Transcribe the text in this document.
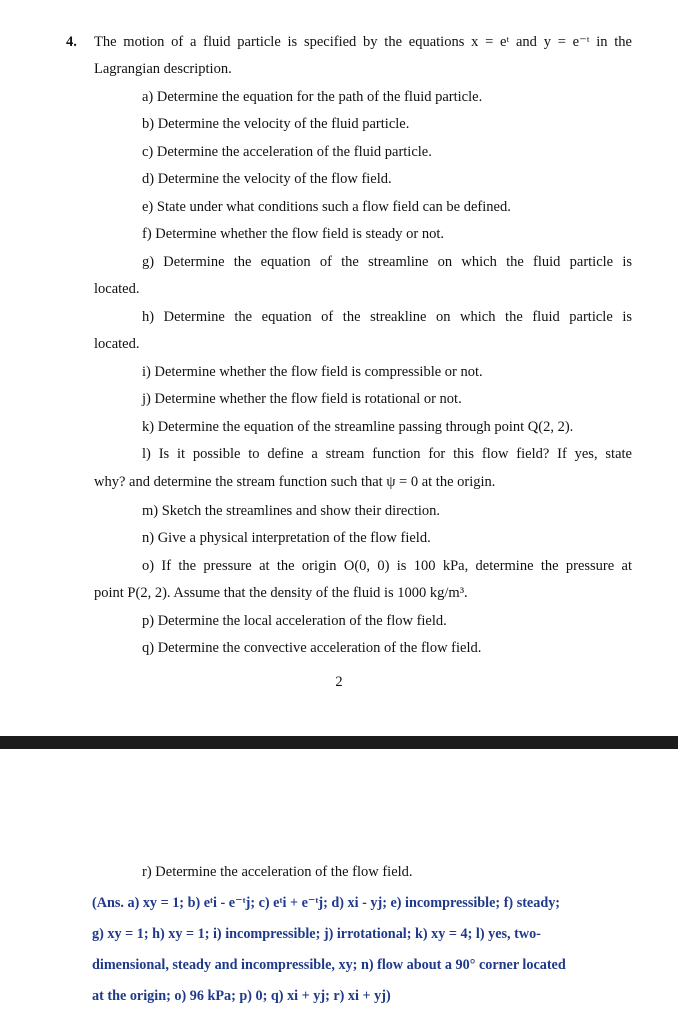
4. The motion of a fluid particle is specified by the equations x = eᵗ and y = e⁻ᵗ in the
Lagrangian description.
a) Determine the equation for the path of the fluid particle.
b) Determine the velocity of the fluid particle.
c) Determine the acceleration of the fluid particle.
d) Determine the velocity of the flow field.
e) State under what conditions such a flow field can be defined.
f) Determine whether the flow field is steady or not.
g) Determine the equation of the streamline on which the fluid particle is
located.
h) Determine the equation of the streakline on which the fluid particle is
located.
i) Determine whether the flow field is compressible or not.
j) Determine whether the flow field is rotational or not.
k) Determine the equation of the streamline passing through point Q(2, 2).
l) Is it possible to define a stream function for this flow field? If yes, state
why? and determine the stream function such that ψ = 0 at the origin.
m) Sketch the streamlines and show their direction.
n) Give a physical interpretation of the flow field.
o) If the pressure at the origin O(0, 0) is 100 kPa, determine the pressure at
point P(2, 2). Assume that the density of the fluid is 1000 kg/m³.
p) Determine the local acceleration of the flow field.
q) Determine the convective acceleration of the flow field.
2
r) Determine the acceleration of the flow field.
(Ans. a) xy = 1; b) eᵗi - e⁻ᵗj; c) eᵗi + e⁻ᵗj; d) xi - yj; e) incompressible; f) steady;
g) xy = 1; h) xy = 1; i) incompressible; j) irrotational; k) xy = 4; l) yes, two-
dimensional, steady and incompressible, xy; n) flow about a 90° corner located
at the origin; o) 96 kPa; p) 0; q) xi + yj; r) xi + yj)
